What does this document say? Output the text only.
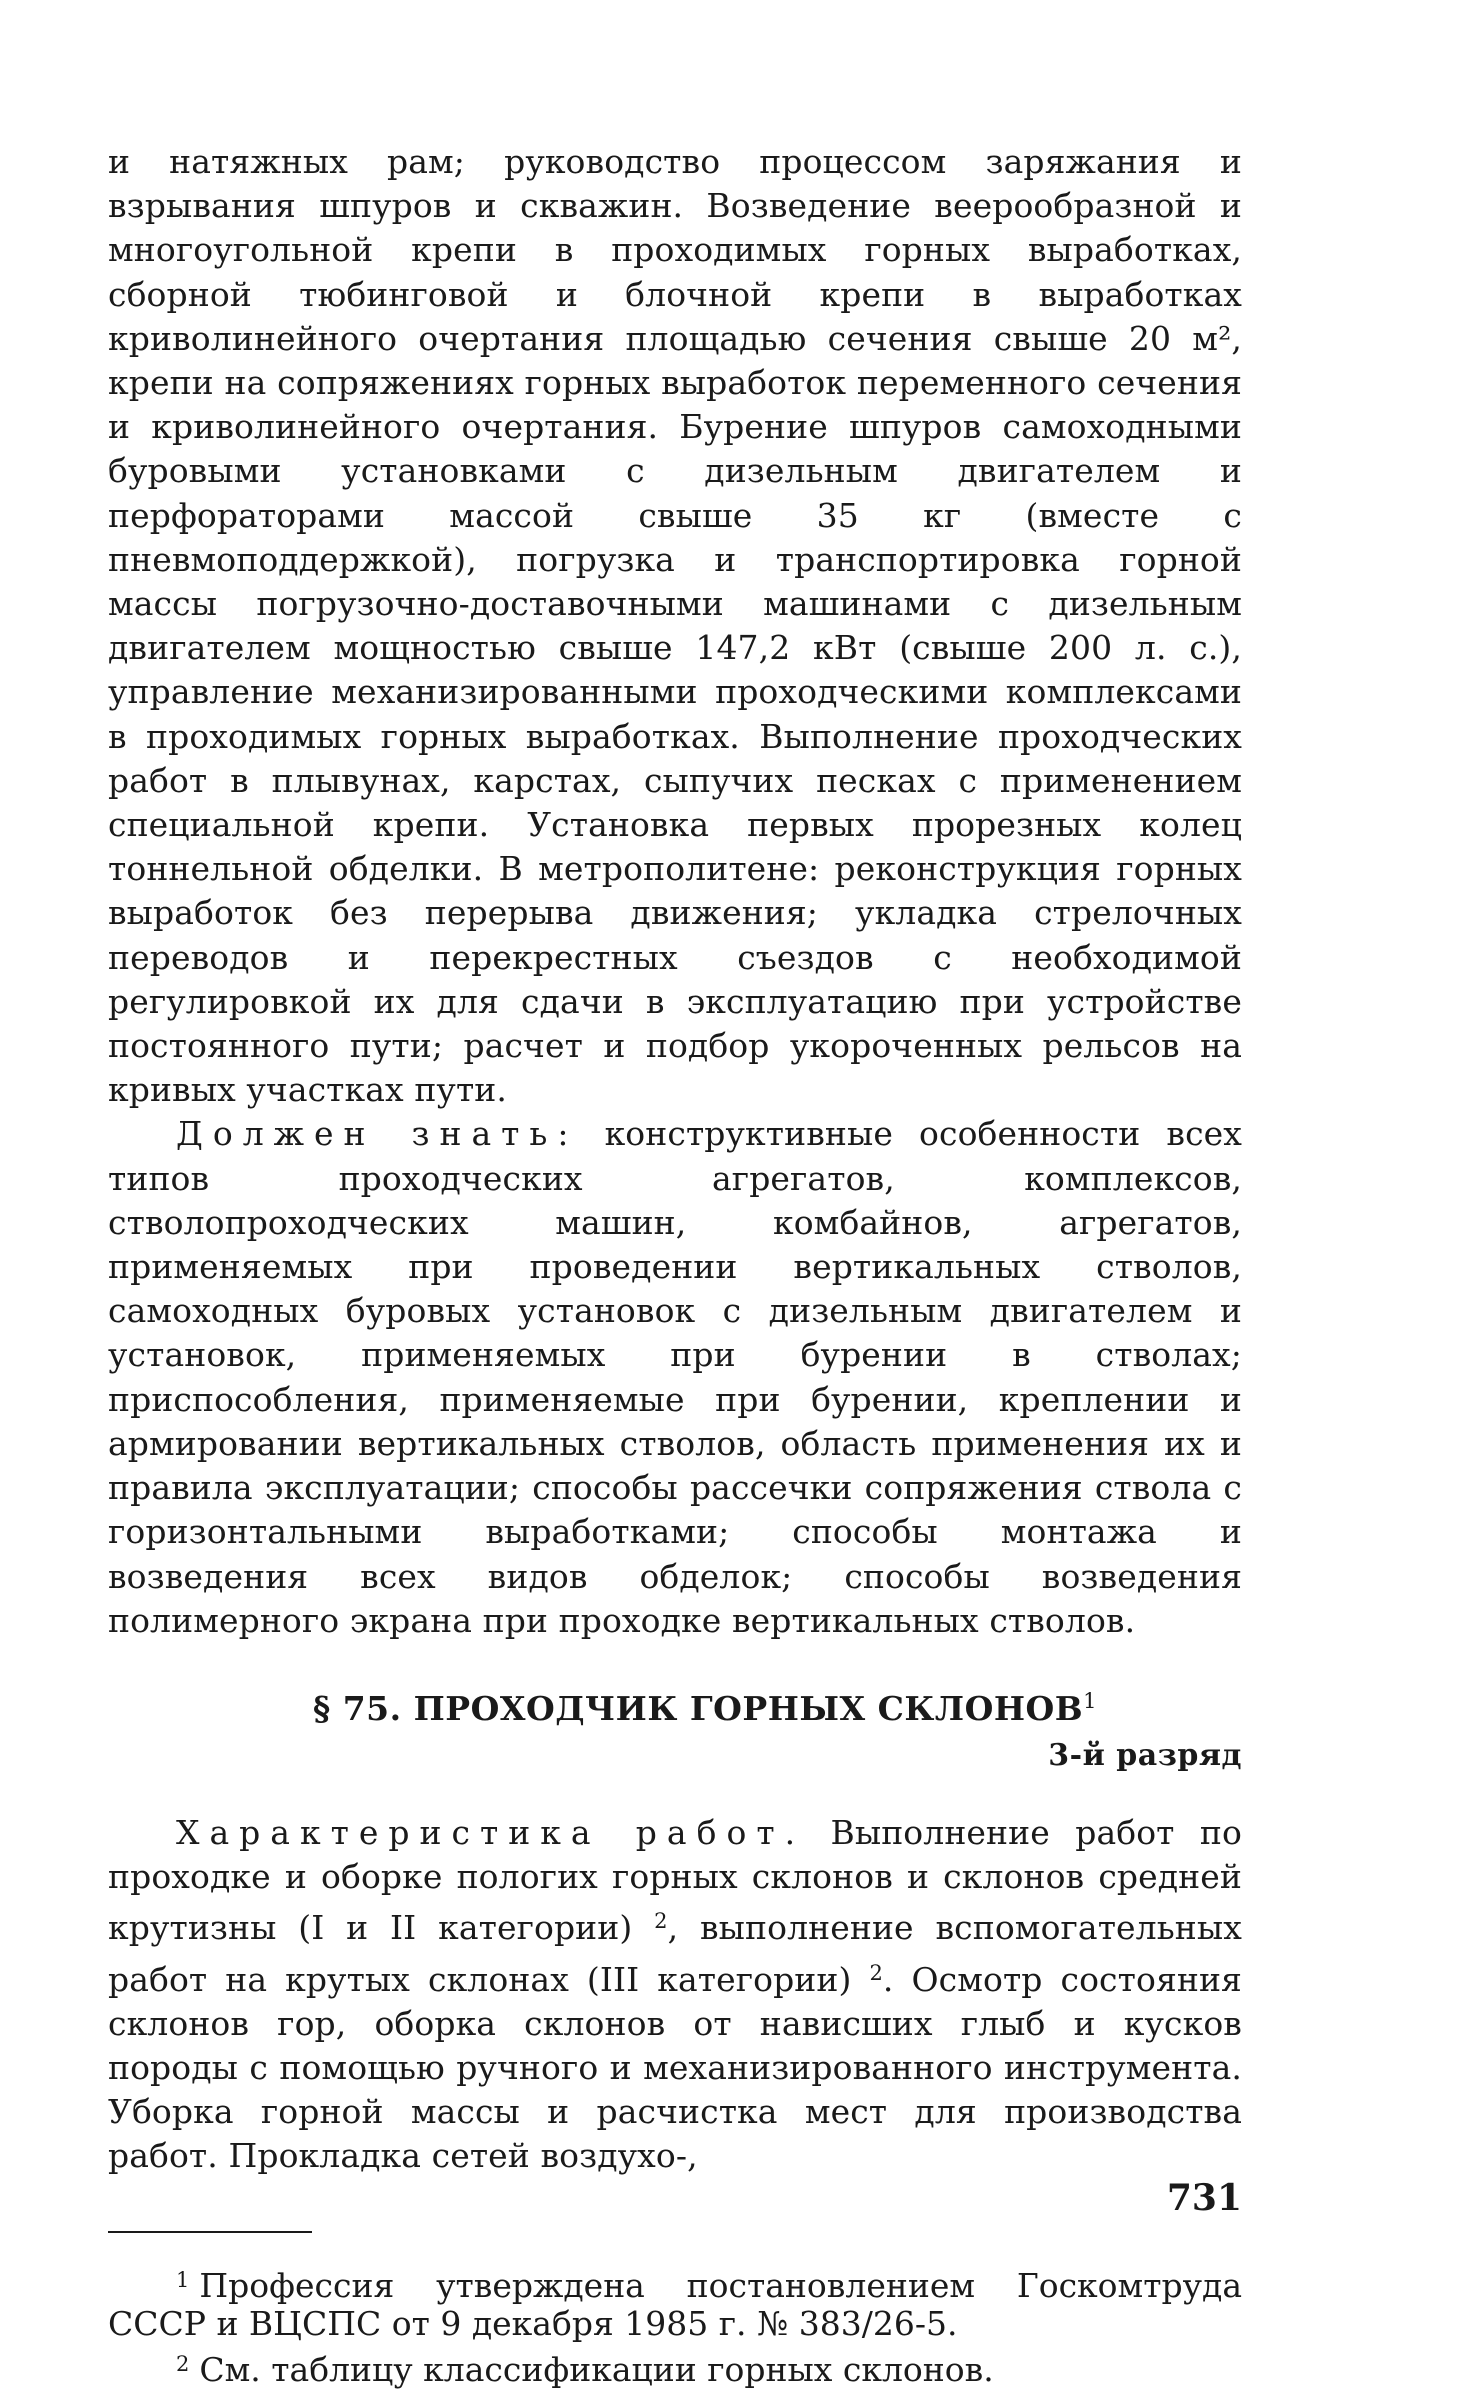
и натяжных рам; руководство процессом заряжания и взрывания шпуров и скважин. Возведение веерообразной и многоугольной крепи в проходимых горных выработках, сборной тюбинговой и блочной крепи в выработках криволинейного очертания площадью сечения свыше 20 м², крепи на сопряжениях горных выработок переменного сечения и криволинейного очертания. Бурение шпуров самоходными буровыми установками с дизельным двигателем и перфораторами массой свыше 35 кг (вместе с пневмоподдержкой), погрузка и транспортировка горной массы погрузочно-доставочными машинами с дизельным двигателем мощностью свыше 147,2 кВт (свыше 200 л. с.), управление механизированными проходческими комплексами в проходимых горных выработках. Выполнение проходческих работ в плывунах, карстах, сыпучих песках с применением специальной крепи. Установка первых прорезных колец тоннельной обделки. В метрополитене: реконструкция горных выработок без перерыва движения; укладка стрелочных переводов и перекрестных съездов с необходимой регулировкой их для сдачи в эксплуатацию при устройстве постоянного пути; расчет и подбор укороченных рельсов на кривых участках пути.

Должен знать: конструктивные особенности всех типов проходческих агрегатов, комплексов, стволопроходческих машин, комбайнов, агрегатов, применяемых при проведении вертикальных стволов, самоходных буровых установок с дизельным двигателем и установок, применяемых при бурении в стволах; приспособления, применяемые при бурении, креплении и армировании вертикальных стволов, область применения их и правила эксплуатации; способы рассечки сопряжения ствола с горизонтальными выработками; способы монтажа и возведения всех видов обделок; способы возведения полимерного экрана при проходке вертикальных стволов.

§ 75. ПРОХОДЧИК ГОРНЫХ СКЛОНОВ$^1$
3-й разряд

Характеристика работ. Выполнение работ по проходке и оборке пологих горных склонов и склонов средней крутизны (I и II категории) $^2$, выполнение вспомогательных работ на крутых склонах (III категории) $^2$. Осмотр состояния склонов гор, оборка склонов от нависших глыб и кусков породы с помощью ручного и механизированного инструмента. Уборка горной массы и расчистка мест для производства работ. Прокладка сетей воздухо-,

$^1$ Профессия утверждена постановлением Госкомтруда СССР и ВЦСПС от 9 декабря 1985 г. № 383/26-5.
$^2$ См. таблицу классификации горных склонов.
731
